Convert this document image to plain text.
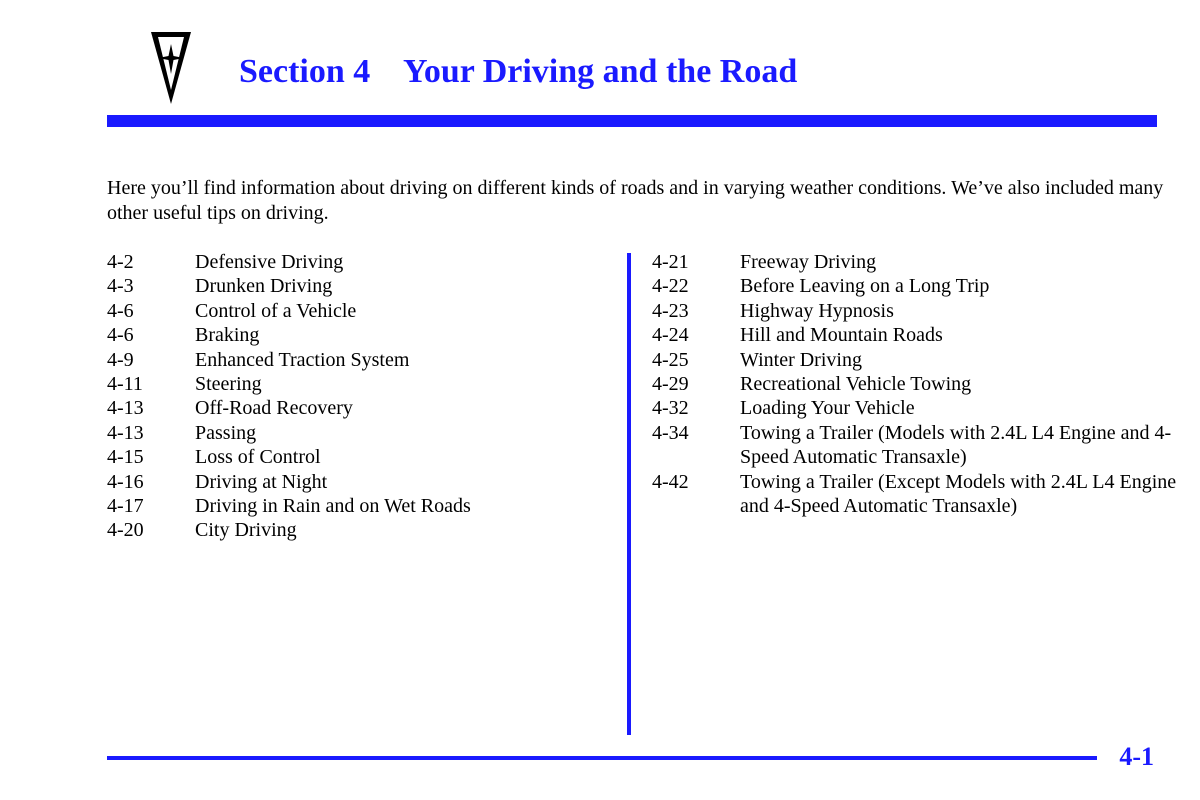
Section 4 Your Driving and the Road

Here you’ll find information about driving on different kinds of roads and in varying weather conditions. We’ve also included many other useful tips on driving.

4-2	Defensive Driving
4-3	Drunken Driving
4-6	Control of a Vehicle
4-6	Braking
4-9	Enhanced Traction System
4-11	Steering
4-13	Off-Road Recovery
4-13	Passing
4-15	Loss of Control
4-16	Driving at Night
4-17	Driving in Rain and on Wet Roads
4-20	City Driving
4-21	Freeway Driving
4-22	Before Leaving on a Long Trip
4-23	Highway Hypnosis
4-24	Hill and Mountain Roads
4-25	Winter Driving
4-29	Recreational Vehicle Towing
4-32	Loading Your Vehicle
4-34	Towing a Trailer (Models with 2.4L L4 Engine and 4-Speed Automatic Transaxle)
4-42	Towing a Trailer (Except Models with 2.4L L4 Engine and 4-Speed Automatic Transaxle)
4-1
